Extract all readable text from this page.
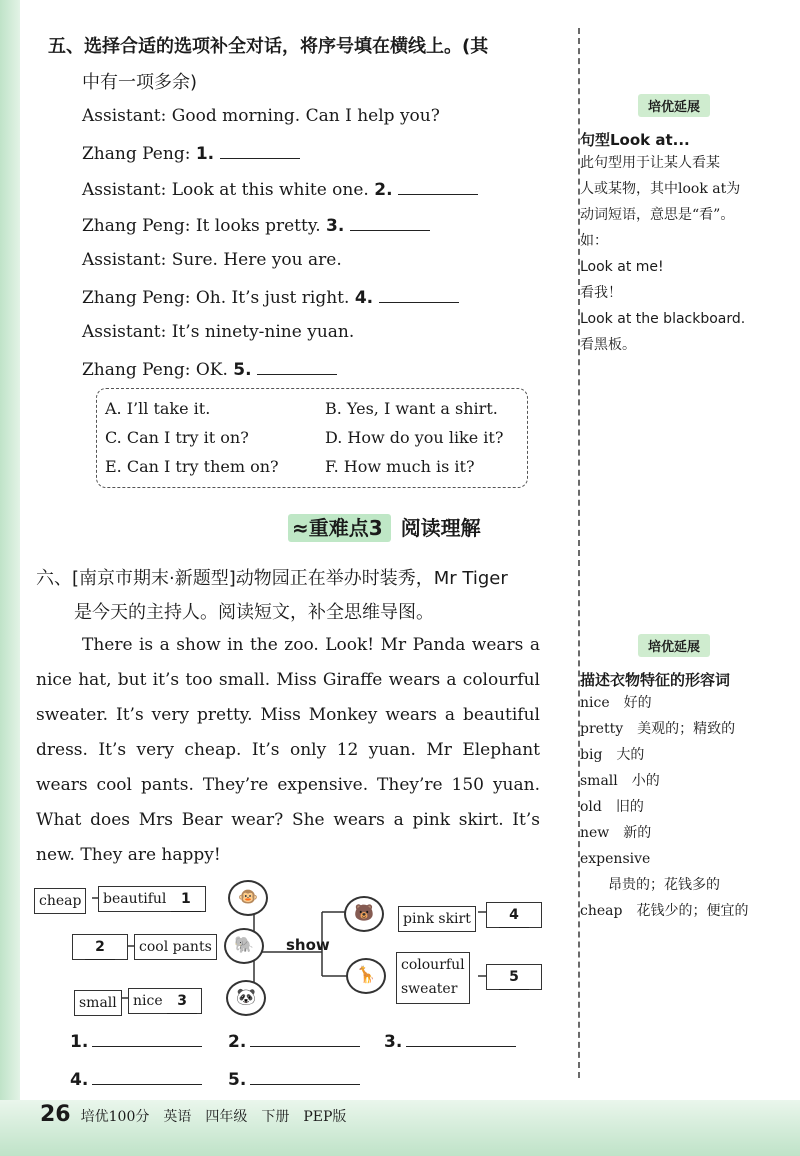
五、选择合适的选项补全对话，将序号填在横线上。(其
中有一项多余)
Assistant: Good morning. Can I help you?
Zhang Peng: 1.
Assistant: Look at this white one. 2.
Zhang Peng: It looks pretty. 3.
Assistant: Sure. Here you are.
Zhang Peng: Oh. It’s just right. 4.
Assistant: It’s ninety-nine yuan.
Zhang Peng: OK. 5.
A. I’ll take it.	B. Yes, I want a shirt.
C. Can I try it on?	D. How do you like it?
E. Can I try them on?	F. How much is it?
≈重难点3 阅读理解
六、[南京市期末·新题型]动物园正在举办时装秀，Mr Tiger
是今天的主持人。阅读短文，补全思维导图。
There is a show in the zoo. Look! Mr Panda wears a nice hat, but it’s too small. Miss Giraffe wears a colourful sweater. It’s very pretty. Miss Monkey wears a beautiful dress. It’s very cheap. It’s only 12 yuan. Mr Elephant wears cool pants. They’re expensive. They’re 150 yuan. What does Mrs Bear wear? She wears a pink skirt. It’s new. They are happy!
cheap	beautiful 1	🐵
2	cool pants	🐘	show
small	nice 3	🐼
🐻	pink skirt	4
🦒	colourful
sweater
5
1.	2.	3.
4.	5.
培优延展
句型Look at...
此句型用于让某人看某
人或某物，其中look at为
动词短语，意思是“看”。
如：
Look at me!
看我！
Look at the blackboard.
看黑板。
培优延展
描述衣物特征的形容词
nice　好的
pretty　美观的；精致的
big　大的
small　小的
old　旧的
new　新的
expensive
　　昂贵的；花钱多的
cheap　花钱少的；便宜的
26 培优100分　英语　四年级　下册　PEP版
